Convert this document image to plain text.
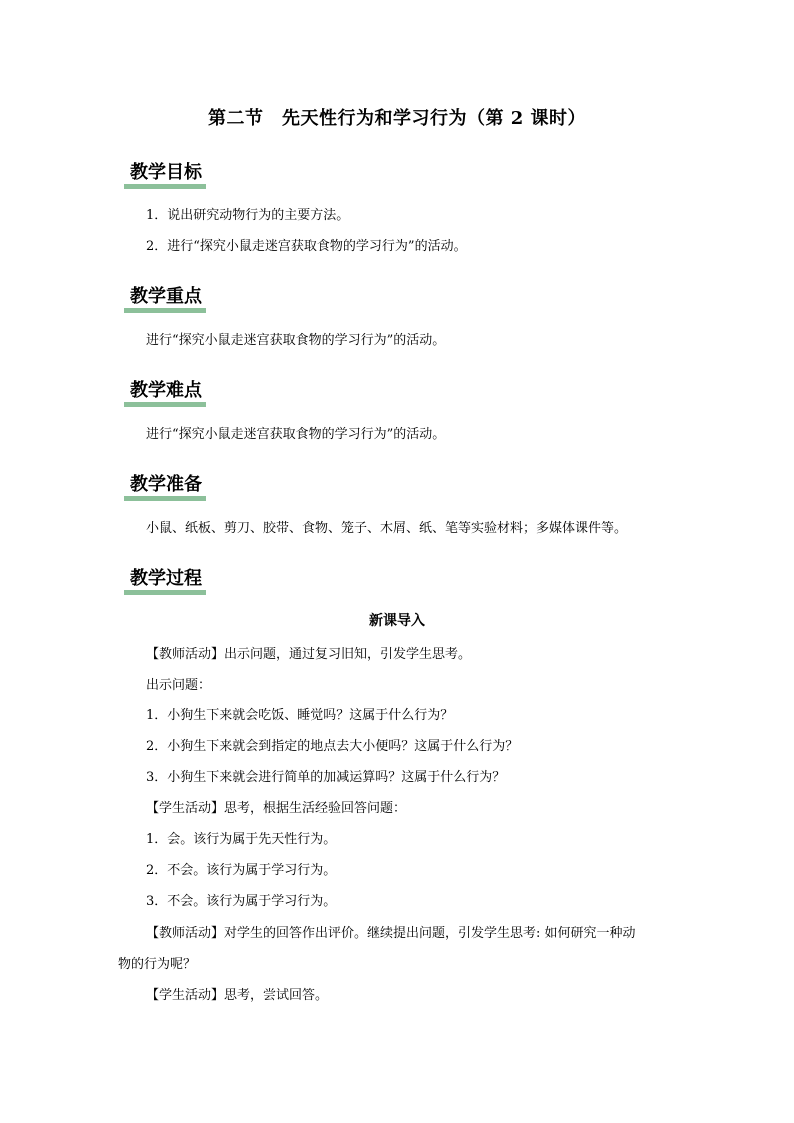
第二节　先天性行为和学习行为（第 2 课时）
教学目标
1．说出研究动物行为的主要方法。
2．进行“探究小鼠走迷宫获取食物的学习行为”的活动。
教学重点
进行“探究小鼠走迷宫获取食物的学习行为”的活动。
教学难点
进行“探究小鼠走迷宫获取食物的学习行为”的活动。
教学准备
小鼠、纸板、剪刀、胶带、食物、笼子、木屑、纸、笔等实验材料；多媒体课件等。
教学过程
新课导入
【教师活动】出示问题，通过复习旧知，引发学生思考。
出示问题：
1．小狗生下来就会吃饭、睡觉吗？这属于什么行为？
2．小狗生下来就会到指定的地点去大小便吗？这属于什么行为？
3．小狗生下来就会进行简单的加减运算吗？这属于什么行为？
【学生活动】思考，根据生活经验回答问题：
1．会。该行为属于先天性行为。
2．不会。该行为属于学习行为。
3．不会。该行为属于学习行为。
【教师活动】对学生的回答作出评价。继续提出问题，引发学生思考: 如何研究一种动
物的行为呢？
【学生活动】思考，尝试回答。
